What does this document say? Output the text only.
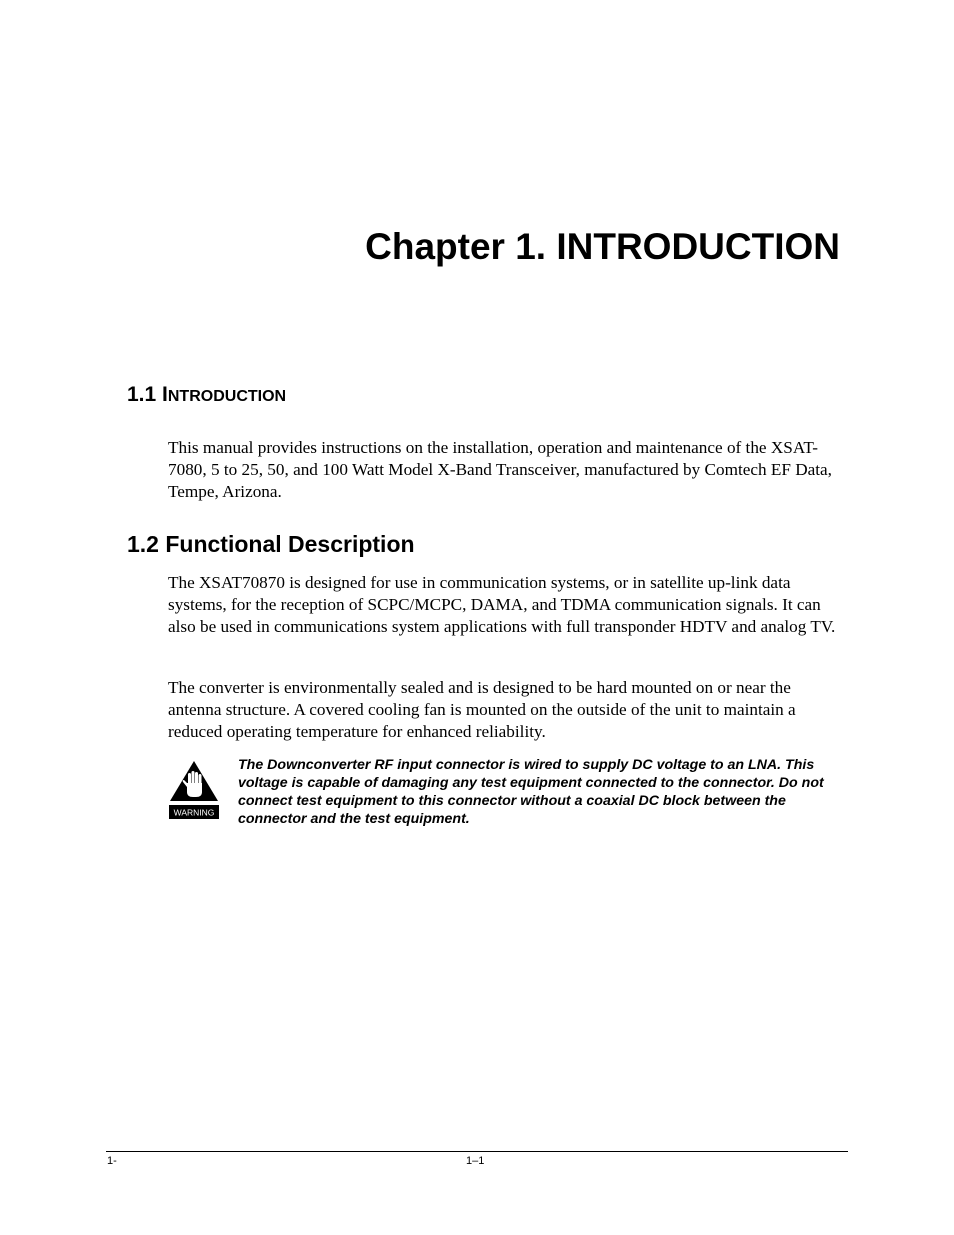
Chapter 1. INTRODUCTION
1.1 INTRODUCTION

This manual provides instructions on the installation, operation and maintenance of the XSAT-7080, 5 to 25, 50, and 100 Watt Model X-Band Transceiver, manufactured by Comtech EF Data, Tempe, Arizona.

1.2 Functional Description

The XSAT70870 is designed for use in communication systems, or in satellite up-link data systems, for the reception of SCPC/MCPC, DAMA, and TDMA communication signals. It can also be used in communications system applications with full transponder HDTV and analog TV.

The converter is environmentally sealed and is designed to be hard mounted on or near the antenna structure. A covered cooling fan is mounted on the outside of the unit to maintain a reduced operating temperature for enhanced reliability.

WARNING

The Downconverter RF input connector is wired to supply DC voltage to an LNA. This voltage is capable of damaging any test equipment connected to the connector. Do not connect test equipment to this connector without a coaxial DC block between the connector and the test equipment.

1-	1–1
